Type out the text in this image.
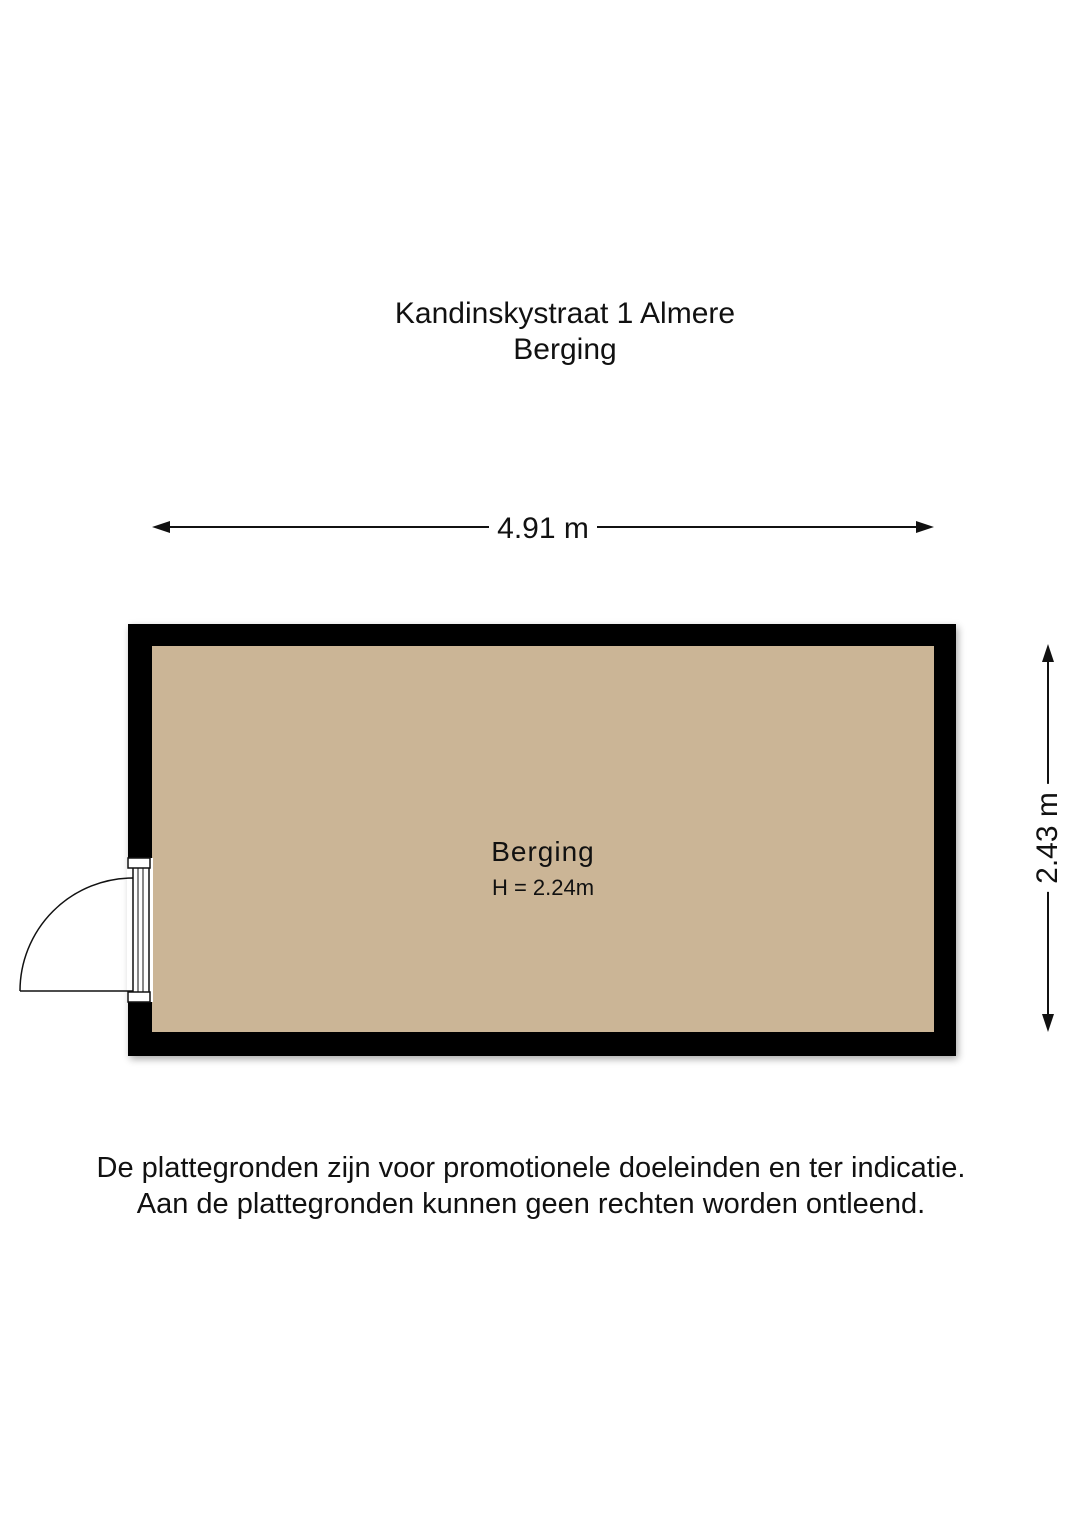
Kandinskystraat 1 Almere
Berging
4.91 m
2.43 m
Berging
H = 2.24m
De plattegronden zijn voor promotionele doeleinden en ter indicatie.
Aan de plattegronden kunnen geen rechten worden ontleend.
